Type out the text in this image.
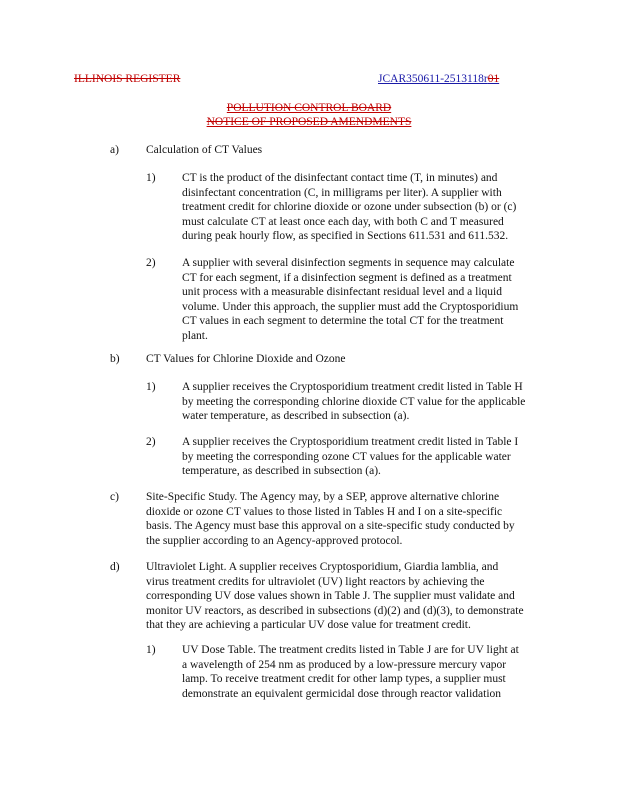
ILLINOIS REGISTER	JCAR350611-2513118r01
POLLUTION CONTROL BOARD
NOTICE OF PROPOSED AMENDMENTS
a) Calculation of CT Values
1) CT is the product of the disinfectant contact time (T, in minutes) and
disinfectant concentration (C, in milligrams per liter). A supplier with
treatment credit for chlorine dioxide or ozone under subsection (b) or (c)
must calculate CT at least once each day, with both C and T measured
during peak hourly flow, as specified in Sections 611.531 and 611.532.
2) A supplier with several disinfection segments in sequence may calculate
CT for each segment, if a disinfection segment is defined as a treatment
unit process with a measurable disinfectant residual level and a liquid
volume. Under this approach, the supplier must add the Cryptosporidium
CT values in each segment to determine the total CT for the treatment
plant.
b) CT Values for Chlorine Dioxide and Ozone
1) A supplier receives the Cryptosporidium treatment credit listed in Table H
by meeting the corresponding chlorine dioxide CT value for the applicable
water temperature, as described in subsection (a).
2) A supplier receives the Cryptosporidium treatment credit listed in Table I
by meeting the corresponding ozone CT values for the applicable water
temperature, as described in subsection (a).
c) Site-Specific Study. The Agency may, by a SEP, approve alternative chlorine
dioxide or ozone CT values to those listed in Tables H and I on a site-specific
basis. The Agency must base this approval on a site-specific study conducted by
the supplier according to an Agency-approved protocol.
d) Ultraviolet Light. A supplier receives Cryptosporidium, Giardia lamblia, and
virus treatment credits for ultraviolet (UV) light reactors by achieving the
corresponding UV dose values shown in Table J. The supplier must validate and
monitor UV reactors, as described in subsections (d)(2) and (d)(3), to demonstrate
that they are achieving a particular UV dose value for treatment credit.
1) UV Dose Table. The treatment credits listed in Table J are for UV light at
a wavelength of 254 nm as produced by a low-pressure mercury vapor
lamp. To receive treatment credit for other lamp types, a supplier must
demonstrate an equivalent germicidal dose through reactor validation
